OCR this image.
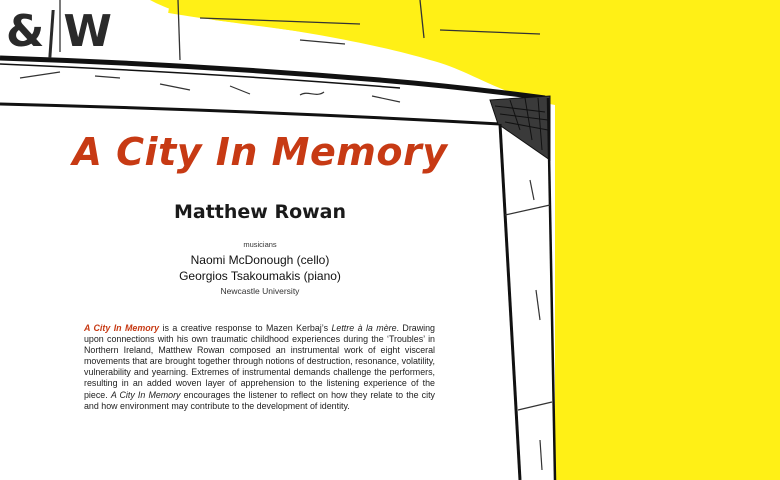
& W
A City In Memory
Matthew Rowan
musicians
Naomi McDonough (cello)
Georgios Tsakoumakis (piano)
Newcastle University

A City In Memory is a creative response to Mazen Kerbaj’s Lettre à la mère. Drawing upon connections with his own traumatic childhood experiences during the ‘Troubles’ in Northern Ireland, Matthew Rowan composed an instrumental work of eight visceral movements that are brought together through notions of destruction, resonance, volatility, vulnerability and yearning. Extremes of instrumental demands challenge the performers, resulting in an added woven layer of apprehension to the listening experience of the piece. A City In Memory encourages the listener to reflect on how they relate to the city and how environment may contribute to the development of identity.
